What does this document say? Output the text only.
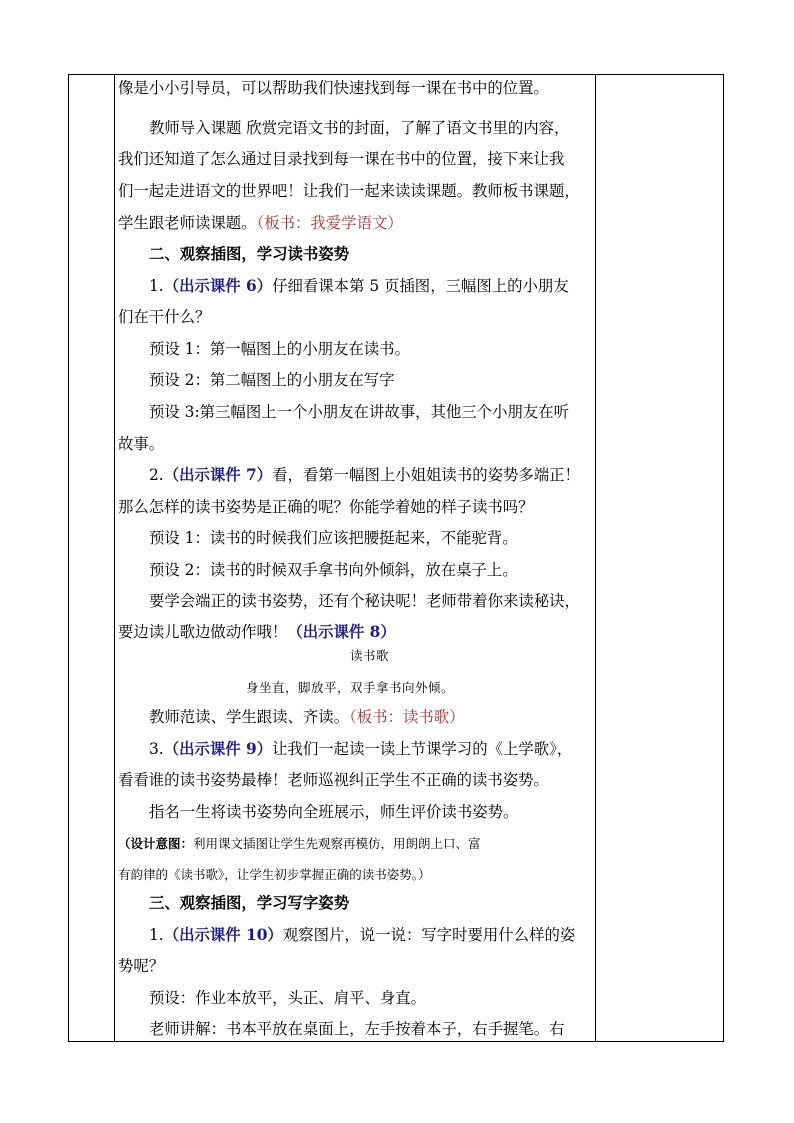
像是小小引导员，可以帮助我们快速找到每一课在书中的位置。
教师导入课题 欣赏完语文书的封面，了解了语文书里的内容，
我们还知道了怎么通过目录找到每一课在书中的位置，接下来让我
们一起走进语文的世界吧！让我们一起来读读课题。教师板书课题，
学生跟老师读课题。（板书：我爱学语文）
二、观察插图，学习读书姿势
1.（出示课件 6）仔细看课本第 5 页插图，三幅图上的小朋友
们在干什么？
预设 1：第一幅图上的小朋友在读书。
预设 2：第二幅图上的小朋友在写字
预设 3:第三幅图上一个小朋友在讲故事，其他三个小朋友在听
故事。
2.（出示课件 7）看，看第一幅图上小姐姐读书的姿势多端正！
那么怎样的读书姿势是正确的呢？你能学着她的样子读书吗？
预设 1：读书的时候我们应该把腰挺起来，不能驼背。
预设 2：读书的时候双手拿书向外倾斜，放在桌子上。
要学会端正的读书姿势，还有个秘诀呢！老师带着你来读秘诀，
要边读儿歌边做动作哦！（出示课件 8）
读书歌
身坐直，脚放平，双手拿书向外倾。
教师范读、学生跟读、齐读。（板书：读书歌）
3.（出示课件 9）让我们一起读一读上节课学习的《上学歌》，
看看谁的读书姿势最棒！老师巡视纠正学生不正确的读书姿势。
指名一生将读书姿势向全班展示，师生评价读书姿势。
（设计意图：利用课文插图让学生先观察再模仿，用朗朗上口、富
有韵律的《读书歌》，让学生初步掌握正确的读书姿势。）
三、观察插图，学习写字姿势
1.（出示课件 10）观察图片，说一说：写字时要用什么样的姿
势呢？
预设：作业本放平，头正、肩平、身直。
老师讲解：书本平放在桌面上，左手按着本子，右手握笔。右
